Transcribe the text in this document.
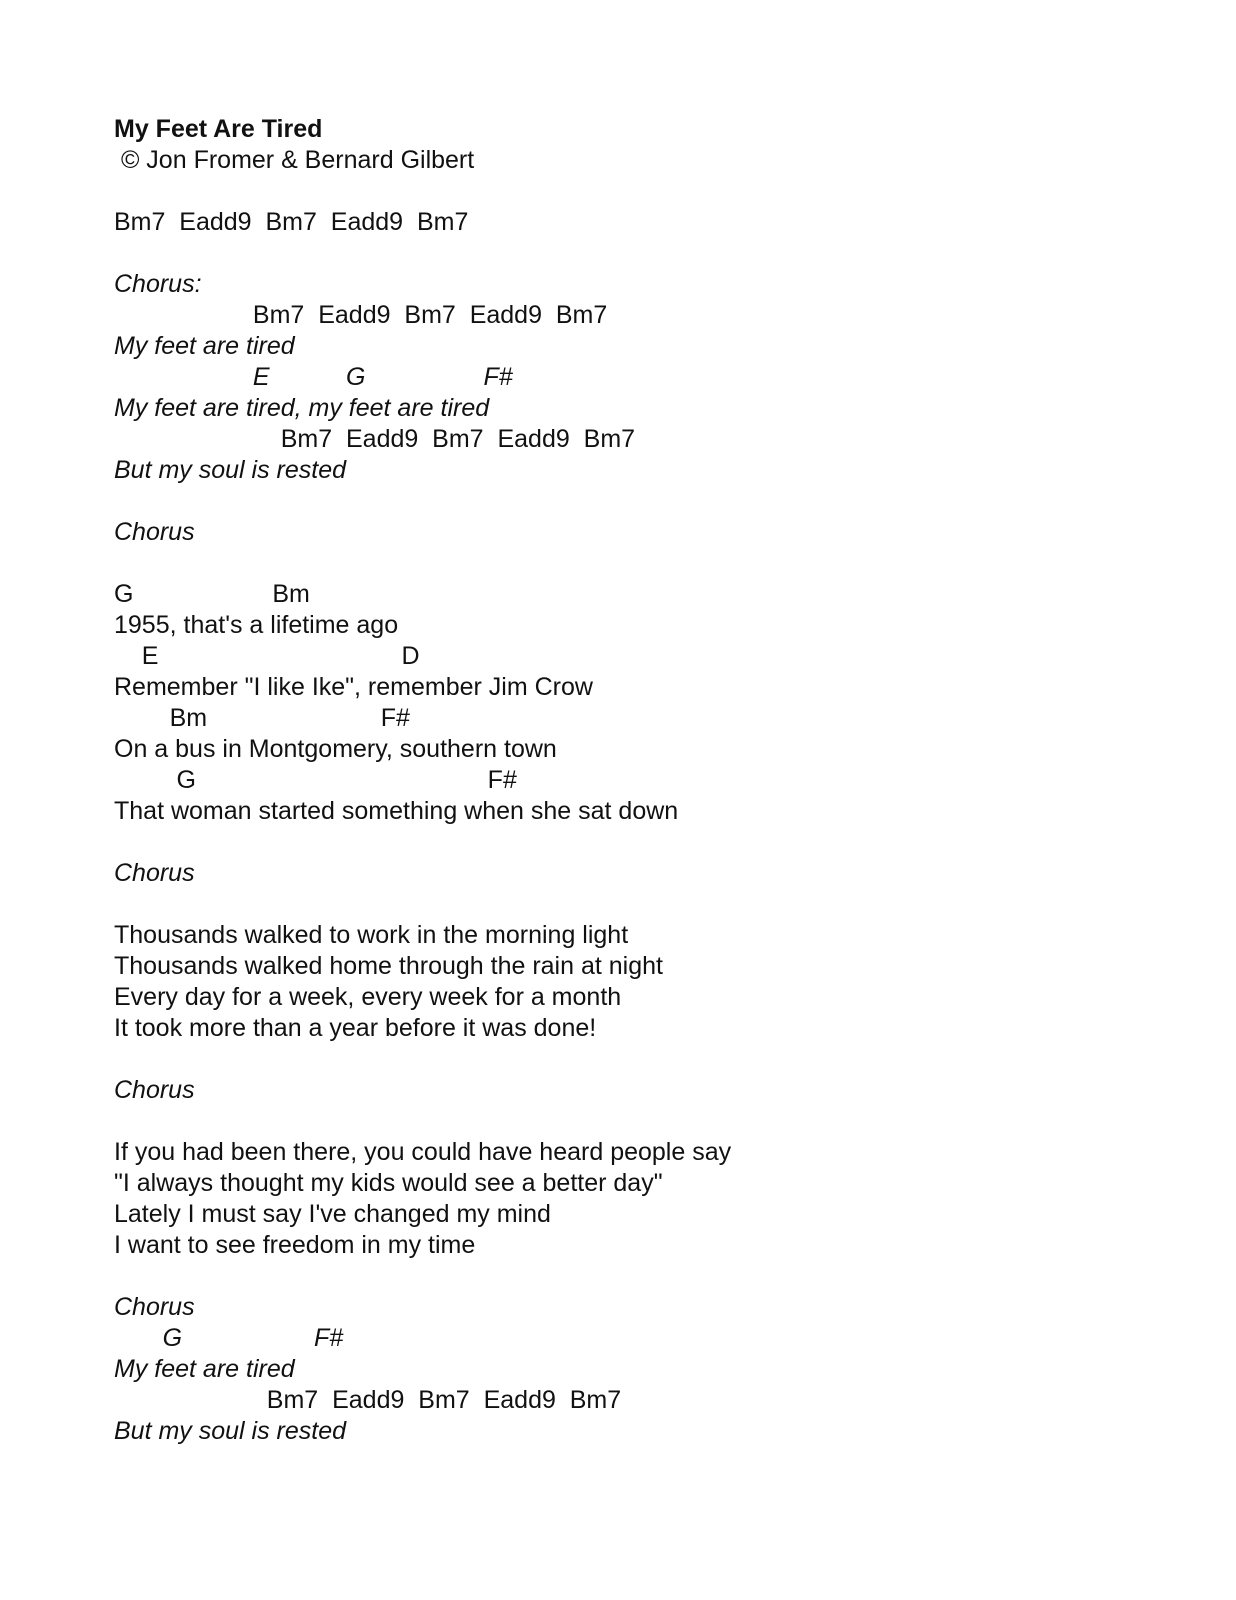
My Feet Are Tired
© Jon Fromer & Bernard Gilbert
Bm7  Eadd9  Bm7  Eadd9  Bm7
Chorus:
Bm7  Eadd9  Bm7  Eadd9  Bm7
My feet are tired
E           G                 F#
My feet are tired, my feet are tired
Bm7  Eadd9  Bm7  Eadd9  Bm7
But my soul is rested
Chorus
G                    Bm
1955, that's a lifetime ago
E                                   D
Remember "I like Ike", remember Jim Crow
Bm                         F#
On a bus in Montgomery, southern town
G                                          F#
That woman started something when she sat down
Chorus
Thousands walked to work in the morning light
Thousands walked home through the rain at night
Every day for a week, every week for a month
It took more than a year before it was done!
Chorus
If you had been there, you could have heard people say
"I always thought my kids would see a better day"
Lately I must say I've changed my mind
I want to see freedom in my time
Chorus
G                   F#
My feet are tired
Bm7  Eadd9  Bm7  Eadd9  Bm7
But my soul is rested
